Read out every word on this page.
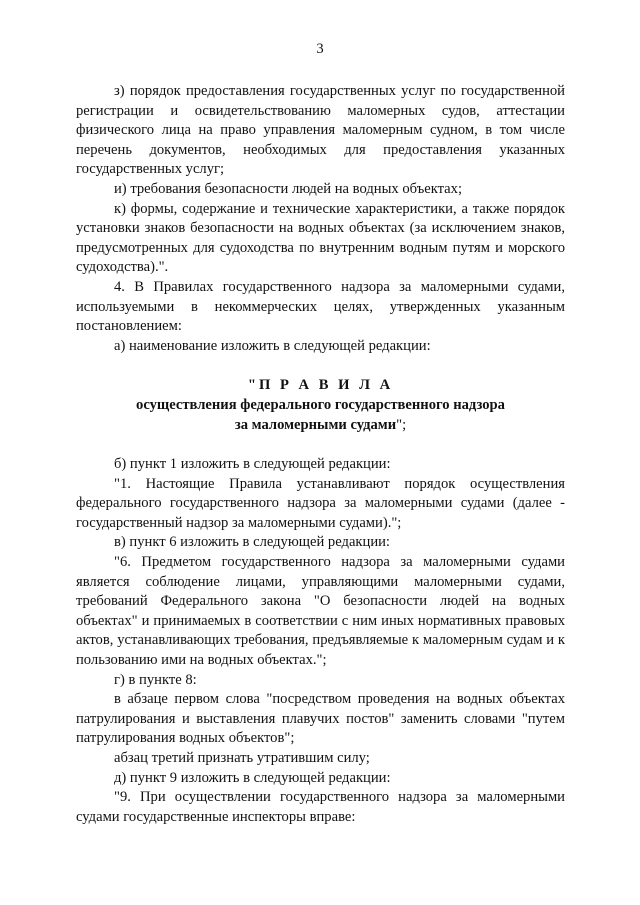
3

з) порядок предоставления государственных услуг по государственной регистрации и освидетельствованию маломерных судов, аттестации физического лица на право управления маломерным судном, в том числе перечень документов, необходимых для предоставления указанных государственных услуг;

и) требования безопасности людей на водных объектах;

к) формы, содержание и технические характеристики, а также порядок установки знаков безопасности на водных объектах (за исключением знаков, предусмотренных для судоходства по внутренним водным путям и морского судоходства).".

4. В Правилах государственного надзора за маломерными судами, используемыми в некоммерческих целях, утвержденных указанным постановлением:

а) наименование изложить в следующей редакции:

"П Р А В И Л А

осуществления федерального государственного надзора

за маломерными судами";

б) пункт 1 изложить в следующей редакции:

"1. Настоящие Правила устанавливают порядок осуществления федерального государственного надзора за маломерными судами (далее - государственный надзор за маломерными судами).";

в) пункт 6 изложить в следующей редакции:

"6. Предметом государственного надзора за маломерными судами является соблюдение лицами, управляющими маломерными судами, требований Федерального закона "О безопасности людей на водных объектах" и принимаемых в соответствии с ним иных нормативных правовых актов, устанавливающих требования, предъявляемые к маломерным судам и к пользованию ими на водных объектах.";

г) в пункте 8:

в абзаце первом слова "посредством проведения на водных объектах патрулирования и выставления плавучих постов" заменить словами "путем патрулирования водных объектов";

абзац третий признать утратившим силу;

д) пункт 9 изложить в следующей редакции:

"9. При осуществлении государственного надзора за маломерными судами государственные инспекторы вправе:
